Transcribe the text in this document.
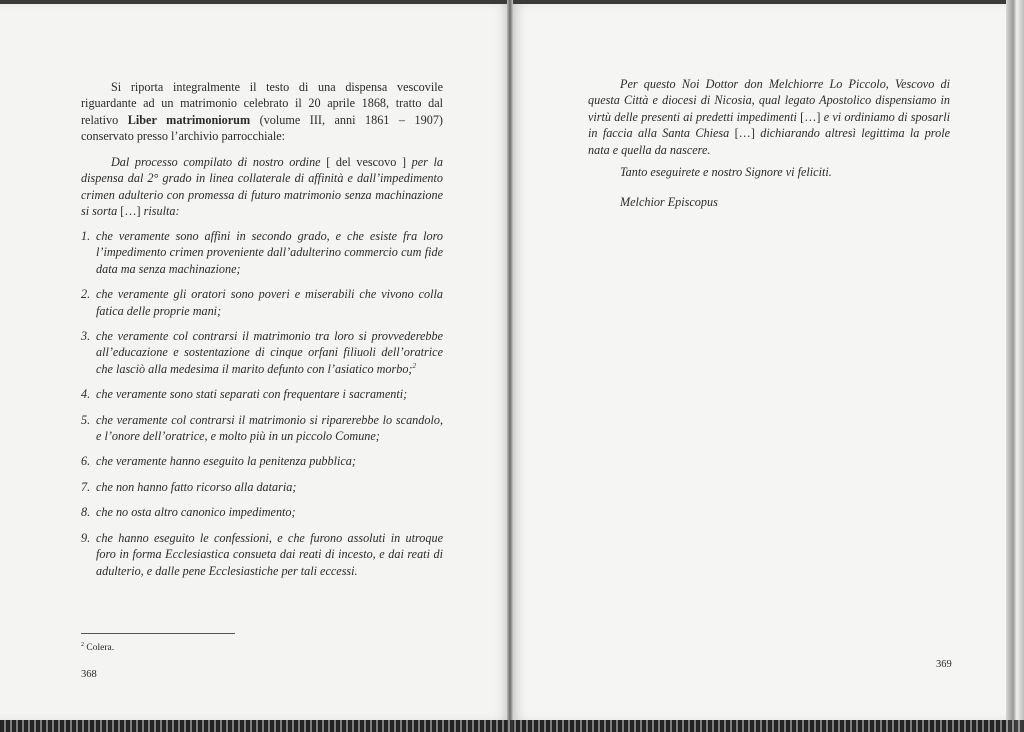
Si riporta integralmente il testo di una dispensa vescovile riguardante ad un matrimonio celebrato il 20 aprile 1868, tratto dal relativo Liber matrimoniorum (volume III, anni 1861 – 1907) conservato presso l’archivio parrocchiale:

Dal processo compilato di nostro ordine [ del vescovo ] per la dispensa dal 2° grado in linea collaterale di affinità e dall’impedimento crimen adulterio con promessa di futuro matrimonio senza machinazione si sorta […] risulta:

1. che veramente sono affini in secondo grado, e che esiste fra loro l’impedimento crimen proveniente dall’adulterino commercio cum fide data ma senza machinazione;
2. che veramente gli oratori sono poveri e miserabili che vivono colla fatica delle proprie mani;
3. che veramente col contrarsi il matrimonio tra loro si provvederebbe all’educazione e sostentazione di cinque orfani filiuoli dell’oratrice che lasciò alla medesima il marito defunto con l’asiatico morbo;$^2$
4. che veramente sono stati separati con frequentare i sacramenti;
5. che veramente col contrarsi il matrimonio si riparerebbe lo scandolo, e l’onore dell’oratrice, e molto più in un piccolo Comune;
6. che veramente hanno eseguito la penitenza pubblica;
7. che non hanno fatto ricorso alla dataria;
8. che no osta altro canonico impedimento;
9. che hanno eseguito le confessioni, e che furono assoluti in utroque foro in forma Ecclesiastica consueta dai reati di incesto, e dai reati di adulterio, e dalle pene Ecclesiastiche per tali eccessi.
$^2$ Colera.
368

Per questo Noi Dottor don Melchiorre Lo Piccolo, Vescovo di questa Città e diocesi di Nicosia, qual legato Apostolico dispensiamo in virtù delle presenti ai predetti impedimenti […] e vi ordiniamo di sposarli in faccia alla Santa Chiesa […] dichiarando altresì legittima la prole nata e quella da nascere.

Tanto eseguirete e nostro Signore vi feliciti.

Melchior Episcopus

369
